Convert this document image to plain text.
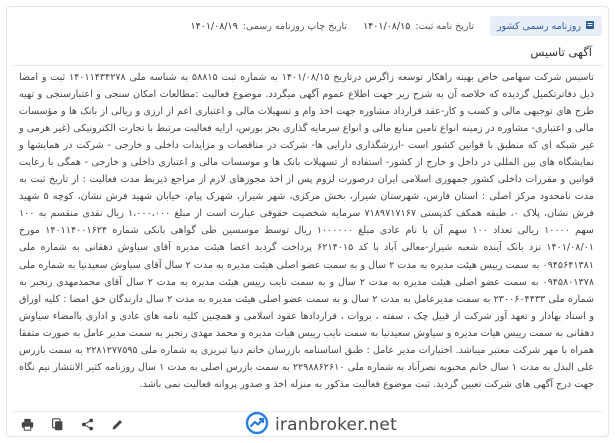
روزنامه رسمی کشور
تاریخ نامه ثبت:
۱۴۰۱/۰۸/۱۵
تاریخ چاپ روزنامه رسمی:
۱۴۰۱/۰۸/۱۹
آگهی تاسیس
تاسیس شرکت سهامی خاص بهینه راهکار توسعه زاگرس درتاریخ ۱۴۰۱/۰۸/۱۵ به شماره ثبت ۵۸۸۱۵ به شناسه ملی ۱۴۰۱۱۴۳۴۲۷۸ ثبت و امضا ذیل دفاترتکمیل گردیده که خلاصه آن به شرح زیر جهت اطلاع عموم آگهی میگردد. موضوع فعالیت :مطالعات امکان سنجی و اعتبارسنجی و تهیه طرح های توجیهی مالی و کسب و کار-عقد قرارداد مشاوره جهت اخذ وام و تسهیلات مالی و اعتباری اعم از ارزی و ریالی از بانک ها و مؤسسات مالی و اعتباری- مشاوره در زمینه انواع تامین منابع مالی و انواع سرمایه گذاری بجز بورس، ارایه فعالیت مرتبط با تجارت الکترونیکی (غیر هرمی و غیر شبکه ای که منطبق با قوانین کشور است -ارزشگذاری دارایی ها- شرکت در مناقصات و مزایدات داخلی و خارجی - شرکت در همایشها و نمایشگاه های بین المللی در داخل و خارج از کشور- استفاده از تسهیلات بانک ها و موسسات مالی و اعتباری داخلی و خارجی - همگی با رعایت قوانین و مقررات داخلی کشور جمهوری اسلامی ایران درصورت لزوم پس از اخذ مجوزهای لازم از مراجع ذیربط مدت فعالیت : از تاریخ ثبت به مدت نامحدود مرکز اصلی : استان فارس، شهرستان شیراز، بخش مرکزی، شهر شیراز، شهرک پیام، خیابان شهید فرش نشان، کوچه ۵ شهید فرش نشان، پلاک ۰، طبقه همکف کدپستی ۷۱۸۹۷۱۷۱۶۷ سرمایه شخصیت حقوقی عبارت است از مبلغ ۱،۰۰۰،۰۰۰ ریال نقدی منقسم به ۱۰۰ سهم ۱۰۰۰۰ ریالی تعداد ۱۰۰ سهم آن با نام عادی مبلغ ۱۰۰۰۰۰۰ ریال توسط موسسین طی گواهی بانکی شماره ۱۴۰۱۱۴۰۰۱۶۲۴ مورخ ۱۴۰۱/۰۸/۰۱ نزد بانک آینده شعبه شیراز-معالی آباد با کد ۶۲۱۴۰۱۵ پرداخت گردید اعضا هیئت مدیره آقای سیاوش دهقانی به شماره ملی ۰۹۴۵۶۴۱۳۸۱ به سمت رییس هیئت مدیره به مدت ۲ سال و به سمت عضو اصلی هیئت مدیره به مدت ۲ سال آقای سیاوش سعیدنیا به شماره ملی ۰۹۴۵۸۰۱۳۷۸ به سمت عضو اصلی هیئت مدیره به مدت ۲ سال و به سمت نایب رییس هیئت مدیره به مدت ۲ سال آقای محمدمهدی رنجبر به شماره ملی ۲۳۰۰۶۰۴۴۳۳ به سمت مدیرعامل به مدت ۲ سال و به سمت عضو اصلی هیئت مدیره به مدت ۲ سال دارندگان حق امضا : کلیه اوراق و اسناد بهادار و تعهد آور شرکت از قبیل چک ، سفته ، بروات ، قراردادها عقود اسلامی و همچنین کلیه نامه های عادی و اداری باامضاء سیاوش دهقانی به سمت رییس هیات مدیره و سیاوش سعیدنیا به سمت نایب رییس هیات مدیره و محمد مهدی رنجبر به سمت مدیر عامل به صورت متفقا همراه با مهر شرکت معتبر میباشد. اختیارات مدیر عامل : طبق اساسنامه بازرسان خانم دنیا تبریزی به شماره ملی ۲۲۸۱۲۷۷۵۹۵ به سمت بازرس علی البدل به مدت ۱ سال خانم محبوبه نصرآباد به شماره ملی ۲۲۹۸۸۶۲۶۱۰ به سمت بازرس اصلی به مدت ۱ سال روزنامه کثیر الانتشار نیم نگاه جهت درج آگهی های شرکت تعیین گردید. ثبت موضوع فعالیت مذکور به منزله اخذ و صدور پروانه فعالیت نمی باشد.
iranbroker.net
